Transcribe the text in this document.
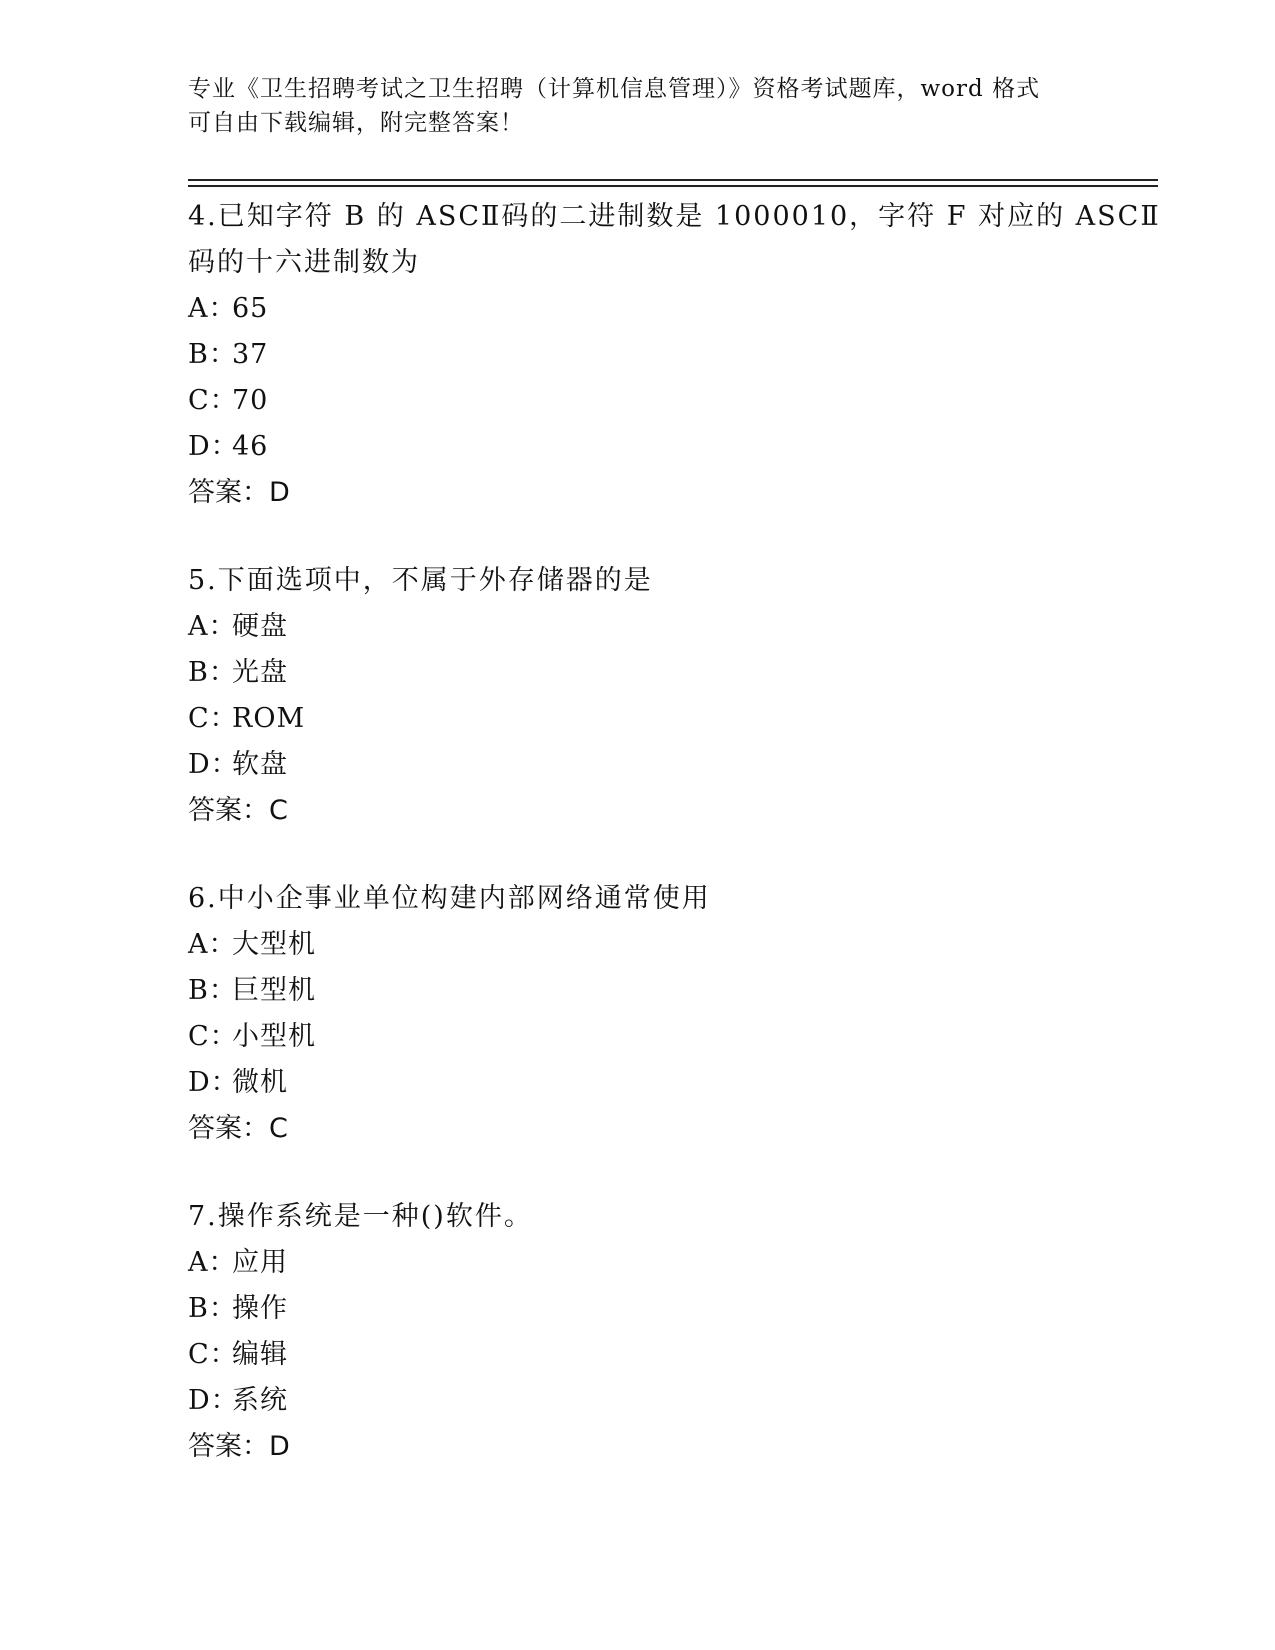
专业《卫生招聘考试之卫生招聘（计算机信息管理）》资格考试题库，word 格式
可自由下载编辑，附完整答案！
4.已知字符 B 的 ASCⅡ码的二进制数是 1000010，字符 F 对应的 ASCⅡ
码的十六进制数为
A：65
B：37
C：70
D：46
答案：D
5.下面选项中，不属于外存储器的是
A：硬盘
B：光盘
C：ROM
D：软盘
答案：C
6.中小企事业单位构建内部网络通常使用
A：大型机
B：巨型机
C：小型机
D：微机
答案：C
7.操作系统是一种()软件。
A：应用
B：操作
C：编辑
D：系统
答案：D
